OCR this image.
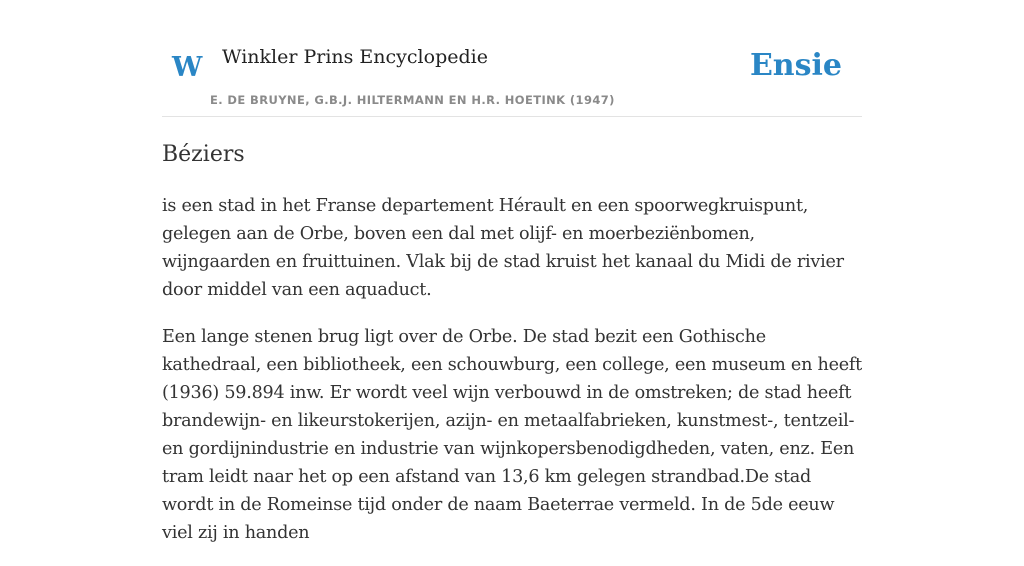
W Winkler Prins Encyclopedie
E. DE BRUYNE, G.B.J. HILTERMANN EN H.R. HOETINK (1947)
Ensie
Béziers

is een stad in het Franse departement Hérault en een spoorwegkruispunt, gelegen aan de Orbe, boven een dal met olijf- en moerbeziënbomen, wijngaarden en fruittuinen. Vlak bij de stad kruist het kanaal du Midi de rivier door middel van een aquaduct.

Een lange stenen brug ligt over de Orbe. De stad bezit een Gothische kathedraal, een bibliotheek, een schouwburg, een college, een museum en heeft (1936) 59.894 inw. Er wordt veel wijn verbouwd in de omstreken; de stad heeft brandewijn- en likeurstokerijen, azijn- en metaalfabrieken, kunstmest-, tentzeil- en gordijnindustrie en industrie van wijnkopersbenodigdheden, vaten, enz. Een tram leidt naar het op een afstand van 13,6 km gelegen strandbad.De stad wordt in de Romeinse tijd onder de naam Baeterrae vermeld. In de 5de eeuw viel zij in handen
